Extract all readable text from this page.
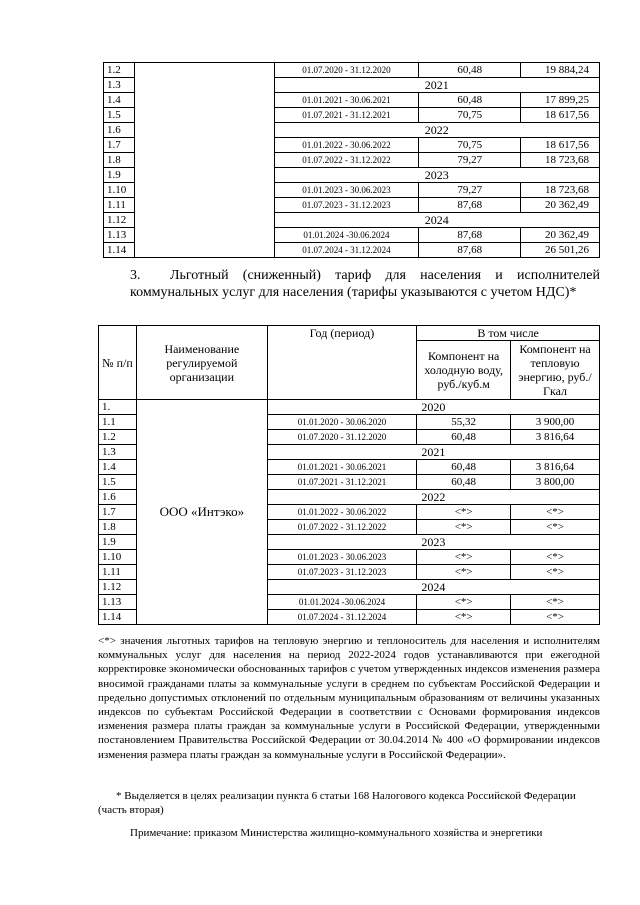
1.2		01.07.2020 - 31.12.2020	60,48	19 884,24
1.3		2021		
1.4		01.01.2021 - 30.06.2021	60,48	17 899,25
1.5		01.07.2021 - 31.12.2021	70,75	18 617,56
1.6		2022		
1.7		01.01.2022 - 30.06.2022	70,75	18 617,56
1.8		01.07.2022 - 31.12.2022	79,27	18 723,68
1.9		2023		
1.10		01.01.2023 - 30.06.2023	79,27	18 723,68
1.11		01.07.2023 - 31.12.2023	87,68	20 362,49
1.12		2024		
1.13		01.01.2024 -30.06.2024	87,68	20 362,49
1.14		01.07.2024 - 31.12.2024	87,68	26 501,26
3. Льготный (сниженный) тариф для населения и исполнителей коммунальных услуг для населения (тарифы указываются с учетом НДС)*
№ п/п	Наименование регулируемой организации	Год (период)	В том числе	
			Компонент на холодную воду, руб./куб.м	Компонент на тепловую энергию, руб./Гкал
1.	ООО «Интэко»	2020		
1.1		01.01.2020 - 30.06.2020	55,32	3 900,00
1.2		01.07.2020 - 31.12.2020	60,48	3 816,64
1.3		2021		
1.4		01.01.2021 - 30.06.2021	60,48	3 816,64
1.5		01.07.2021 - 31.12.2021	60,48	3 800,00
1.6		2022		
1.7		01.01.2022 - 30.06.2022	<*>	<*>
1.8		01.07.2022 - 31.12.2022	<*>	<*>
1.9		2023		
1.10		01.01.2023 - 30.06.2023	<*>	<*>
1.11		01.07.2023 - 31.12.2023	<*>	<*>
1.12		2024		
1.13		01.01.2024 -30.06.2024	<*>	<*>
1.14		01.07.2024 - 31.12.2024	<*>	<*>
<*> значения льготных тарифов на тепловую энергию и теплоноситель для населения и исполнителям коммунальных услуг для населения на период 2022-2024 годов устанавливаются при ежегодной корректировке экономически обоснованных тарифов с учетом утвержденных индексов изменения размера вносимой гражданами платы за коммунальные услуги в среднем по субъектам Российской Федерации и предельно допустимых отклонений по отдельным муниципальным образованиям от величины указанных индексов по субъектам Российской Федерации в соответствии с Основами формирования индексов изменения размера платы граждан за коммунальные услуги в Российской Федерации, утвержденными постановлением Правительства Российской Федерации от 30.04.2014 № 400 «О формировании индексов изменения размера платы граждан за коммунальные услуги в Российской Федерации».
* Выделяется в целях реализации пункта 6 статьи 168 Налогового кодекса Российской Федерации (часть вторая)
Примечание: приказом Министерства жилищно-коммунального хозяйства и энергетики
